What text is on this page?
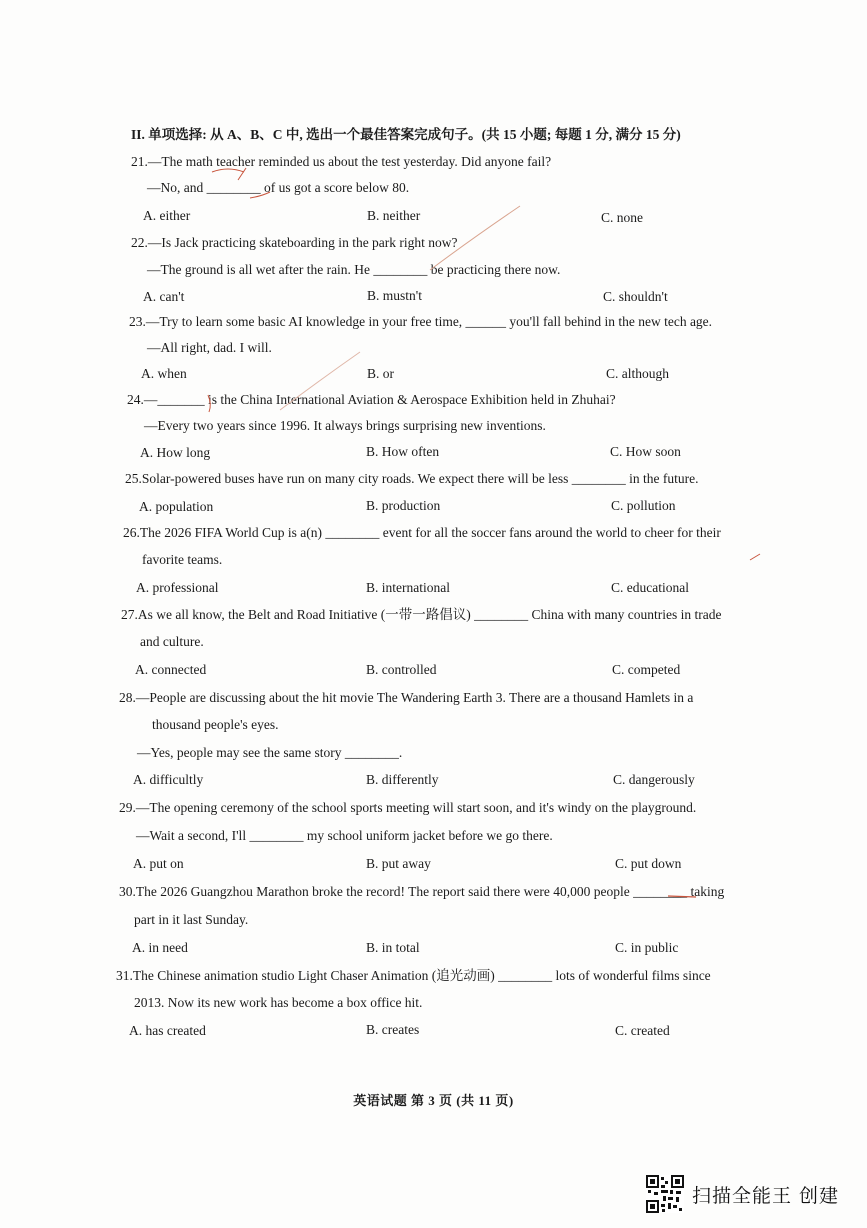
II. 单项选择: 从 A、B、C 中, 选出一个最佳答案完成句子。(共 15 小题; 每题 1 分, 满分 15 分)
21.—The math teacher reminded us about the test yesterday. Did anyone fail?
—No, and ________ of us got a score below 80.
A. either	B. neither	C. none
22.—Is Jack practicing skateboarding in the park right now?
—The ground is all wet after the rain. He ________ be practicing there now.
A. can't	B. mustn't	C. shouldn't
23.—Try to learn some basic AI knowledge in your free time, ______ you'll fall behind in the new tech age.
—All right, dad. I will.
A. when	B. or	C. although
24.—_______ is the China International Aviation & Aerospace Exhibition held in Zhuhai?
—Every two years since 1996. It always brings surprising new inventions.
A. How long	B. How often	C. How soon
25.Solar-powered buses have run on many city roads. We expect there will be less ________ in the future.
A. population	B. production	C. pollution
26.The 2026 FIFA World Cup is a(n) ________ event for all the soccer fans around the world to cheer for their
favorite teams.
A. professional	B. international	C. educational
27.As we all know, the Belt and Road Initiative (一带一路倡议) ________ China with many countries in trade
and culture.
A. connected	B. controlled	C. competed
28.—People are discussing about the hit movie The Wandering Earth 3. There are a thousand Hamlets in a
thousand people's eyes.
—Yes, people may see the same story ________.
A. difficultly	B. differently	C. dangerously
29.—The opening ceremony of the school sports meeting will start soon, and it's windy on the playground.
—Wait a second, I'll ________ my school uniform jacket before we go there.
A. put on	B. put away	C. put down
30.The 2026 Guangzhou Marathon broke the record! The report said there were 40,000 people ________ taking
part in it last Sunday.
A. in need	B. in total	C. in public
31.The Chinese animation studio Light Chaser Animation (追光动画) ________ lots of wonderful films since
2013. Now its new work has become a box office hit.
A. has created	B. creates	C. created
英语试题 第 3 页 (共 11 页)
扫描全能王 创建
